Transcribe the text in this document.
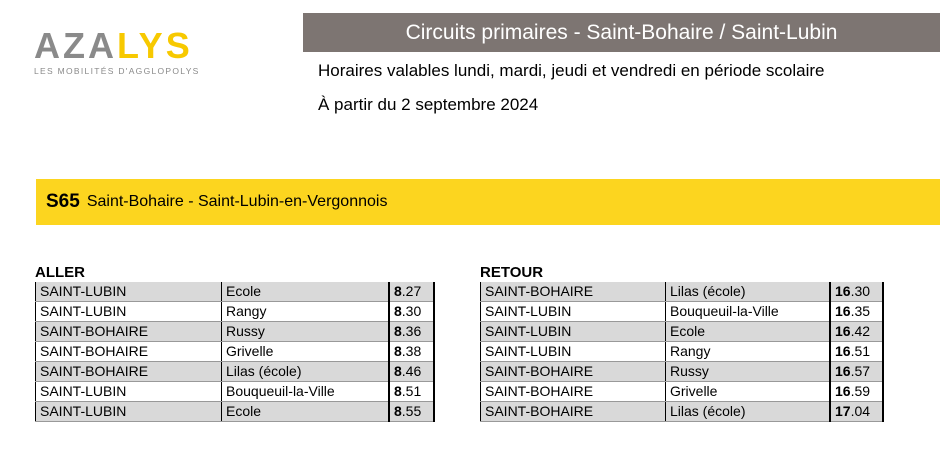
AZALYS
LES MOBILITÉS D'AGGLOPOLYS
Circuits primaires - Saint-Bohaire / Saint-Lubin
Horaires valables lundi, mardi, jeudi et vendredi en période scolaire
À partir du 2 septembre 2024
S65 Saint-Bohaire - Saint-Lubin-en-Vergonnois
ALLER
SAINT-LUBIN	Ecole	8.27
SAINT-LUBIN	Rangy	8.30
SAINT-BOHAIRE	Russy	8.36
SAINT-BOHAIRE	Grivelle	8.38
SAINT-BOHAIRE	Lilas (école)	8.46
SAINT-LUBIN	Bouqueuil-la-Ville	8.51
SAINT-LUBIN	Ecole	8.55
RETOUR
SAINT-BOHAIRE	Lilas (école)	16.30
SAINT-LUBIN	Bouqueuil-la-Ville	16.35
SAINT-LUBIN	Ecole	16.42
SAINT-LUBIN	Rangy	16.51
SAINT-BOHAIRE	Russy	16.57
SAINT-BOHAIRE	Grivelle	16.59
SAINT-BOHAIRE	Lilas (école)	17.04
